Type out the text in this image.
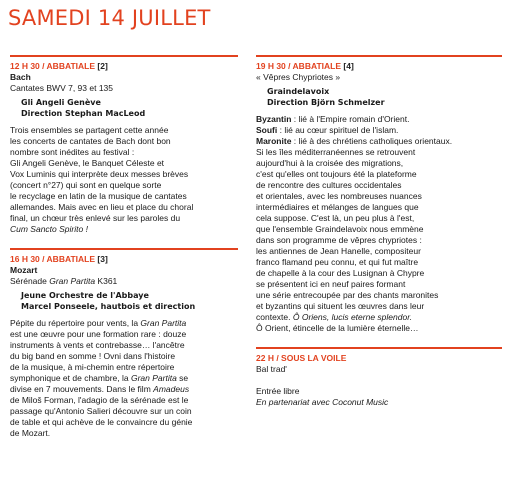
SAMEDI 14 JUILLET
12 H 30 / ABBATIALE [2]
Bach
Cantates BWV 7, 93 et 135
Gli Angeli Genève
Direction Stephan MacLeod

Trois ensembles se partagent cette année

les concerts de cantates de Bach dont bon

nombre sont inédites au festival :

Gli Angeli Genève, le Banquet Céleste et

Vox Luminis qui interprète deux messes brèves

(concert n°27) qui sont en quelque sorte

le recyclage en latin de la musique de cantates

allemandes. Mais avec en lieu et place du choral

final, un chœur très enlevé sur les paroles du

Cum Sancto Spirito !

16 H 30 / ABBATIALE [3]
Mozart
Sérénade Gran Partita K361
Jeune Orchestre de l'Abbaye
Marcel Ponseele, hautbois et direction

Pépite du répertoire pour vents, la Gran Partita

est une œuvre pour une formation rare : douze

instruments à vents et contrebasse… l'ancêtre

du big band en somme ! Ovni dans l'histoire

de la musique, à mi-chemin entre répertoire

symphonique et de chambre, la Gran Partita se

divise en 7 mouvements. Dans le film Amadeus

de Miloš Forman, l'adagio de la sérénade est le

passage qu'Antonio Salieri découvre sur un coin

de table et qui achève de le convaincre du génie

de Mozart.

19 H 30 / ABBATIALE [4]
« Vêpres Chypriotes »
Graindelavoix
Direction Björn Schmelzer

Byzantin : lié à l'Empire romain d'Orient.

Soufi : lié au cœur spirituel de l'islam.

Maronite : lié à des chrétiens catholiques orientaux.

Si les îles méditerranéennes se retrouvent

aujourd'hui à la croisée des migrations,

c'est qu'elles ont toujours été la plateforme

de rencontre des cultures occidentales

et orientales, avec les nombreuses nuances

intermédiaires et mélanges de langues que

cela suppose. C'est là, un peu plus à l'est,

que l'ensemble Graindelavoix nous emmène

dans son programme de vêpres chypriotes :

les antiennes de Jean Hanelle, compositeur

franco flamand peu connu, et qui fut maître

de chapelle à la cour des Lusignan à Chypre

se présentent ici en neuf paires formant

une série entrecoupée par des chants maronites

et byzantins qui situent les œuvres dans leur

contexte. Ô Oriens, lucis eterne splendor.

Ô Orient, étincelle de la lumière éternelle…

22 H / SOUS LA VOILE
Bal trad'
Entrée libre
En partenariat avec Coconut Music
